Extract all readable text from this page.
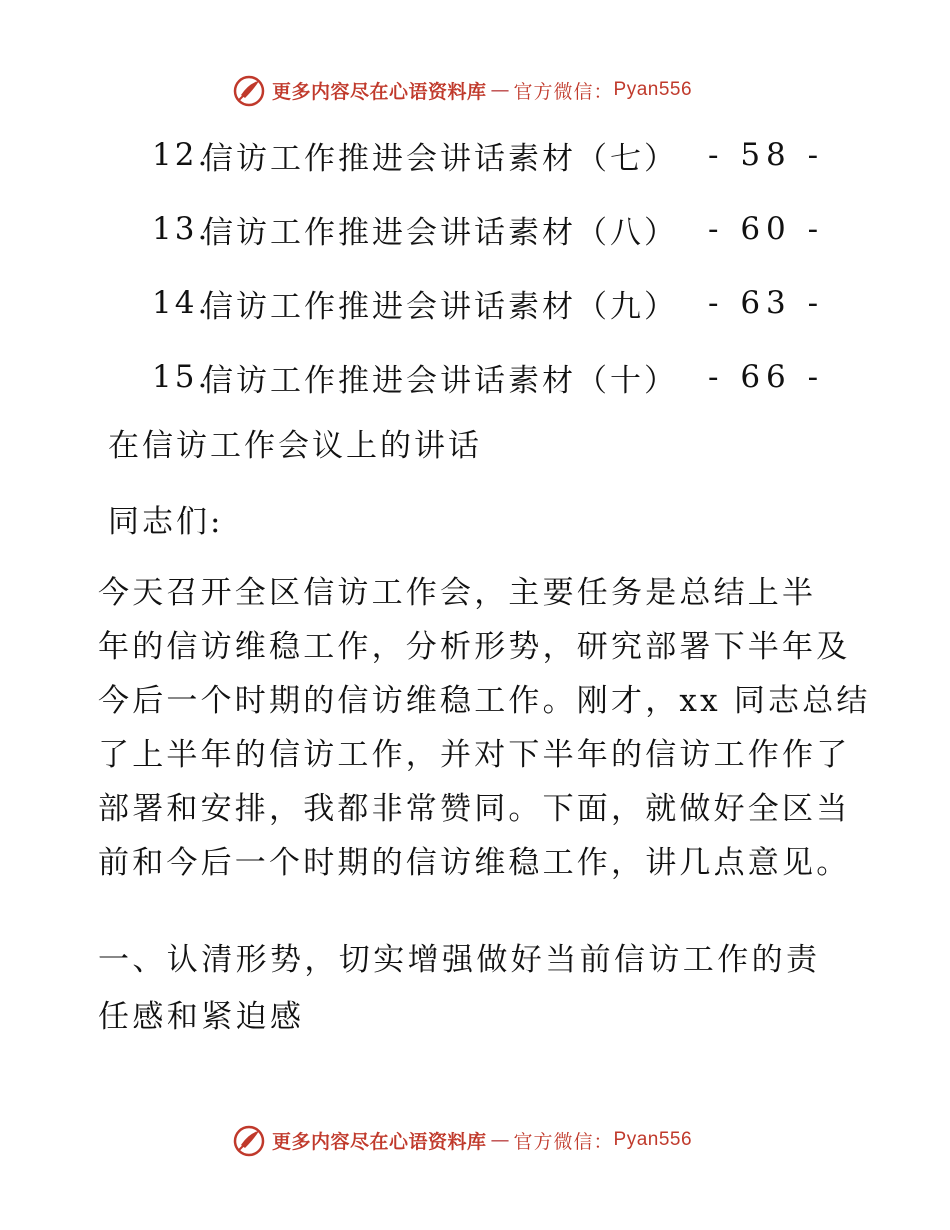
更多内容尽在心语资料库 — 官方微信： Pyan556
12.
信访工作推进会讲话素材（七） - 58 -
13.
信访工作推进会讲话素材（八） - 60 -
14.
信访工作推进会讲话素材（九） - 63 -
15.
信访工作推进会讲话素材（十） - 66 -
在信访工作会议上的讲话
同志们:
今天召开全区信访工作会，主要任务是总结上半
年的信访维稳工作，分析形势，研究部署下半年及
今后一个时期的信访维稳工作。刚才，xx 同志总结
了上半年的信访工作，并对下半年的信访工作作了
部署和安排，我都非常赞同。下面，就做好全区当
前和今后一个时期的信访维稳工作，讲几点意见。
一、认清形势，切实增强做好当前信访工作的责
任感和紧迫感
更多内容尽在心语资料库 — 官方微信： Pyan556
